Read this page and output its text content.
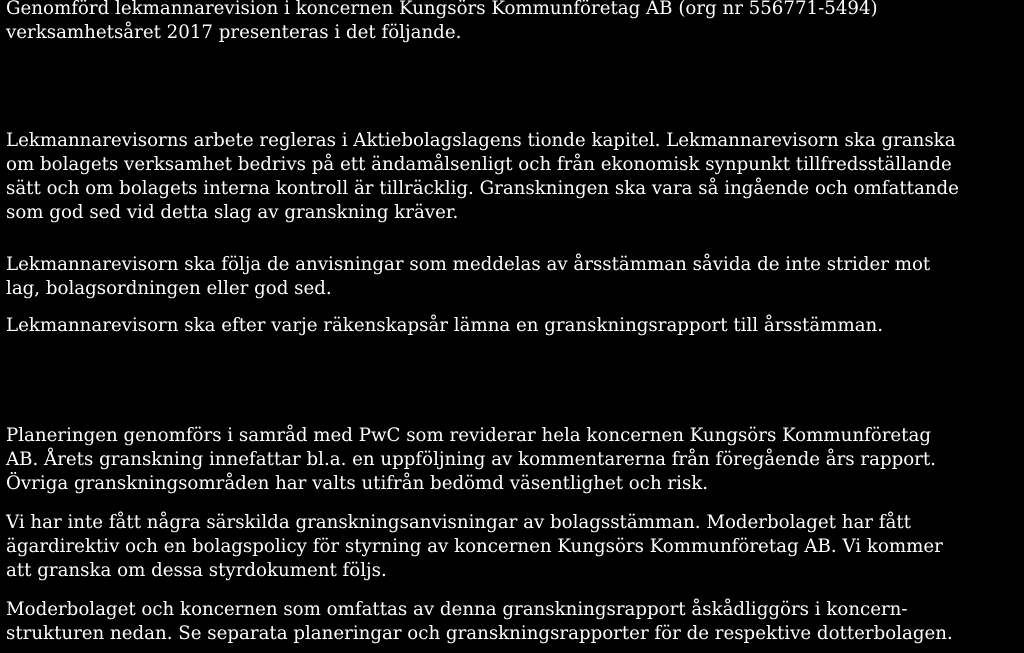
Genomförd lekmannarevision i koncernen Kungsörs Kommunföretag AB (org nr 556771-5494)
verksamhetsåret 2017 presenteras i det följande.

Lekmannarevisorns arbete regleras i Aktiebolagslagens tionde kapitel. Lekmannarevisorn ska granska
om bolagets verksamhet bedrivs på ett ändamålsenligt och från ekonomisk synpunkt tillfredsställande
sätt och om bolagets interna kontroll är tillräcklig. Granskningen ska vara så ingående och omfattande
som god sed vid detta slag av granskning kräver.

Lekmannarevisorn ska följa de anvisningar som meddelas av årsstämman såvida de inte strider mot
lag, bolagsordningen eller god sed.

Lekmannarevisorn ska efter varje räkenskapsår lämna en granskningsrapport till årsstämman.

Planeringen genomförs i samråd med PwC som reviderar hela koncernen Kungsörs Kommunföretag
AB. Årets granskning innefattar bl.a. en uppföljning av kommentarerna från föregående års rapport.
Övriga granskningsområden har valts utifrån bedömd väsentlighet och risk.

Vi har inte fått några särskilda granskningsanvisningar av bolagsstämman. Moderbolaget har fått
ägardirektiv och en bolagspolicy för styrning av koncernen Kungsörs Kommunföretag AB. Vi kommer
att granska om dessa styrdokument följs.

Moderbolaget och koncernen som omfattas av denna granskningsrapport åskådliggörs i koncern-
strukturen nedan. Se separata planeringar och granskningsrapporter för de respektive dotterbolagen.
